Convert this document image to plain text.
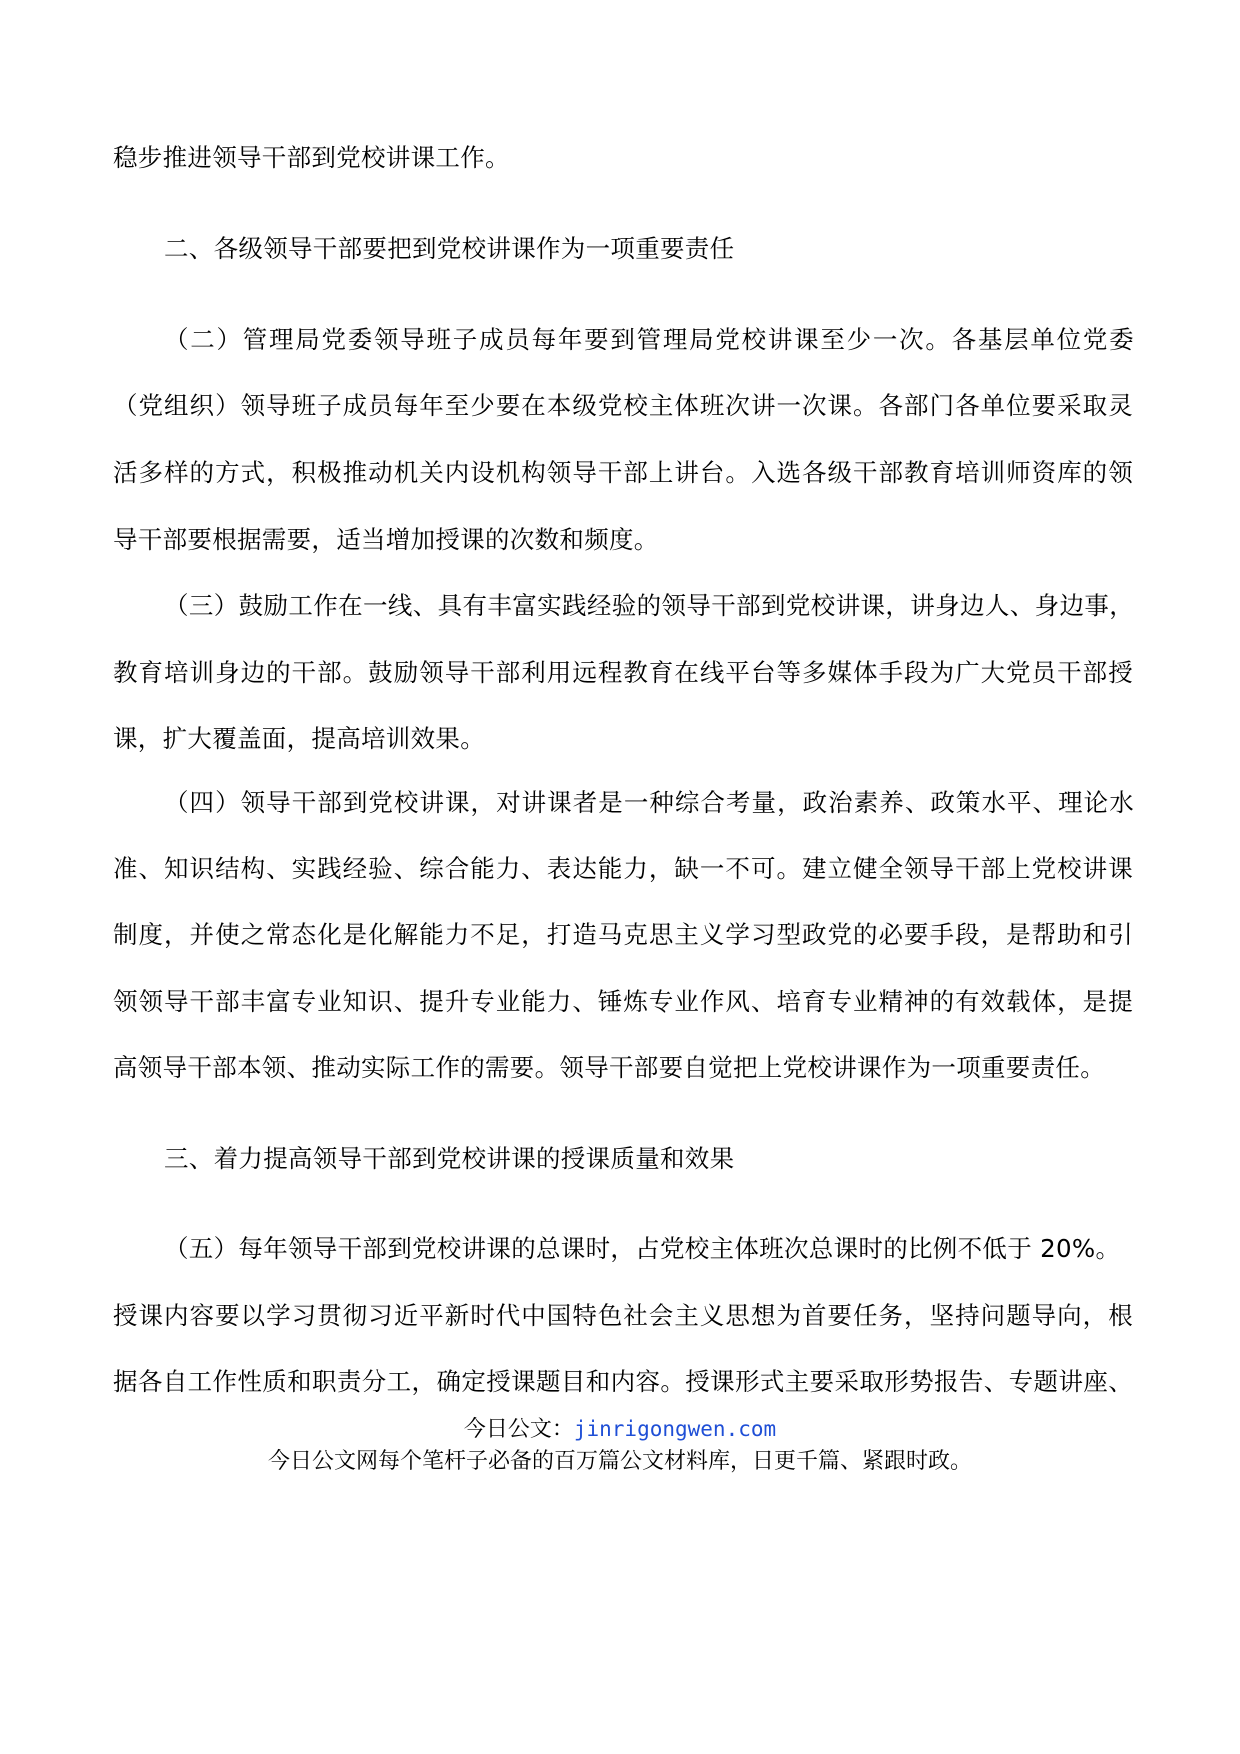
稳步推进领导干部到党校讲课工作。
二、各级领导干部要把到党校讲课作为一项重要责任
（二）管理局党委领导班子成员每年要到管理局党校讲课至少一次。各基层单位党委
（党组织）领导班子成员每年至少要在本级党校主体班次讲一次课。各部门各单位要采取灵
活多样的方式，积极推动机关内设机构领导干部上讲台。入选各级干部教育培训师资库的领
导干部要根据需要，适当增加授课的次数和频度。
（三）鼓励工作在一线、具有丰富实践经验的领导干部到党校讲课，讲身边人、身边事，
教育培训身边的干部。鼓励领导干部利用远程教育在线平台等多媒体手段为广大党员干部授
课，扩大覆盖面，提高培训效果。
（四）领导干部到党校讲课，对讲课者是一种综合考量，政治素养、政策水平、理论水
准、知识结构、实践经验、综合能力、表达能力，缺一不可。建立健全领导干部上党校讲课
制度，并使之常态化是化解能力不足，打造马克思主义学习型政党的必要手段，是帮助和引
领领导干部丰富专业知识、提升专业能力、锤炼专业作风、培育专业精神的有效载体，是提
高领导干部本领、推动实际工作的需要。领导干部要自觉把上党校讲课作为一项重要责任。
三、着力提高领导干部到党校讲课的授课质量和效果
（五）每年领导干部到党校讲课的总课时，占党校主体班次总课时的比例不低于 20%。
授课内容要以学习贯彻习近平新时代中国特色社会主义思想为首要任务，坚持问题导向，根
据各自工作性质和职责分工，确定授课题目和内容。授课形式主要采取形势报告、专题讲座、
今日公文：jinrigongwen.com
今日公文网每个笔杆子必备的百万篇公文材料库，日更千篇、紧跟时政。
